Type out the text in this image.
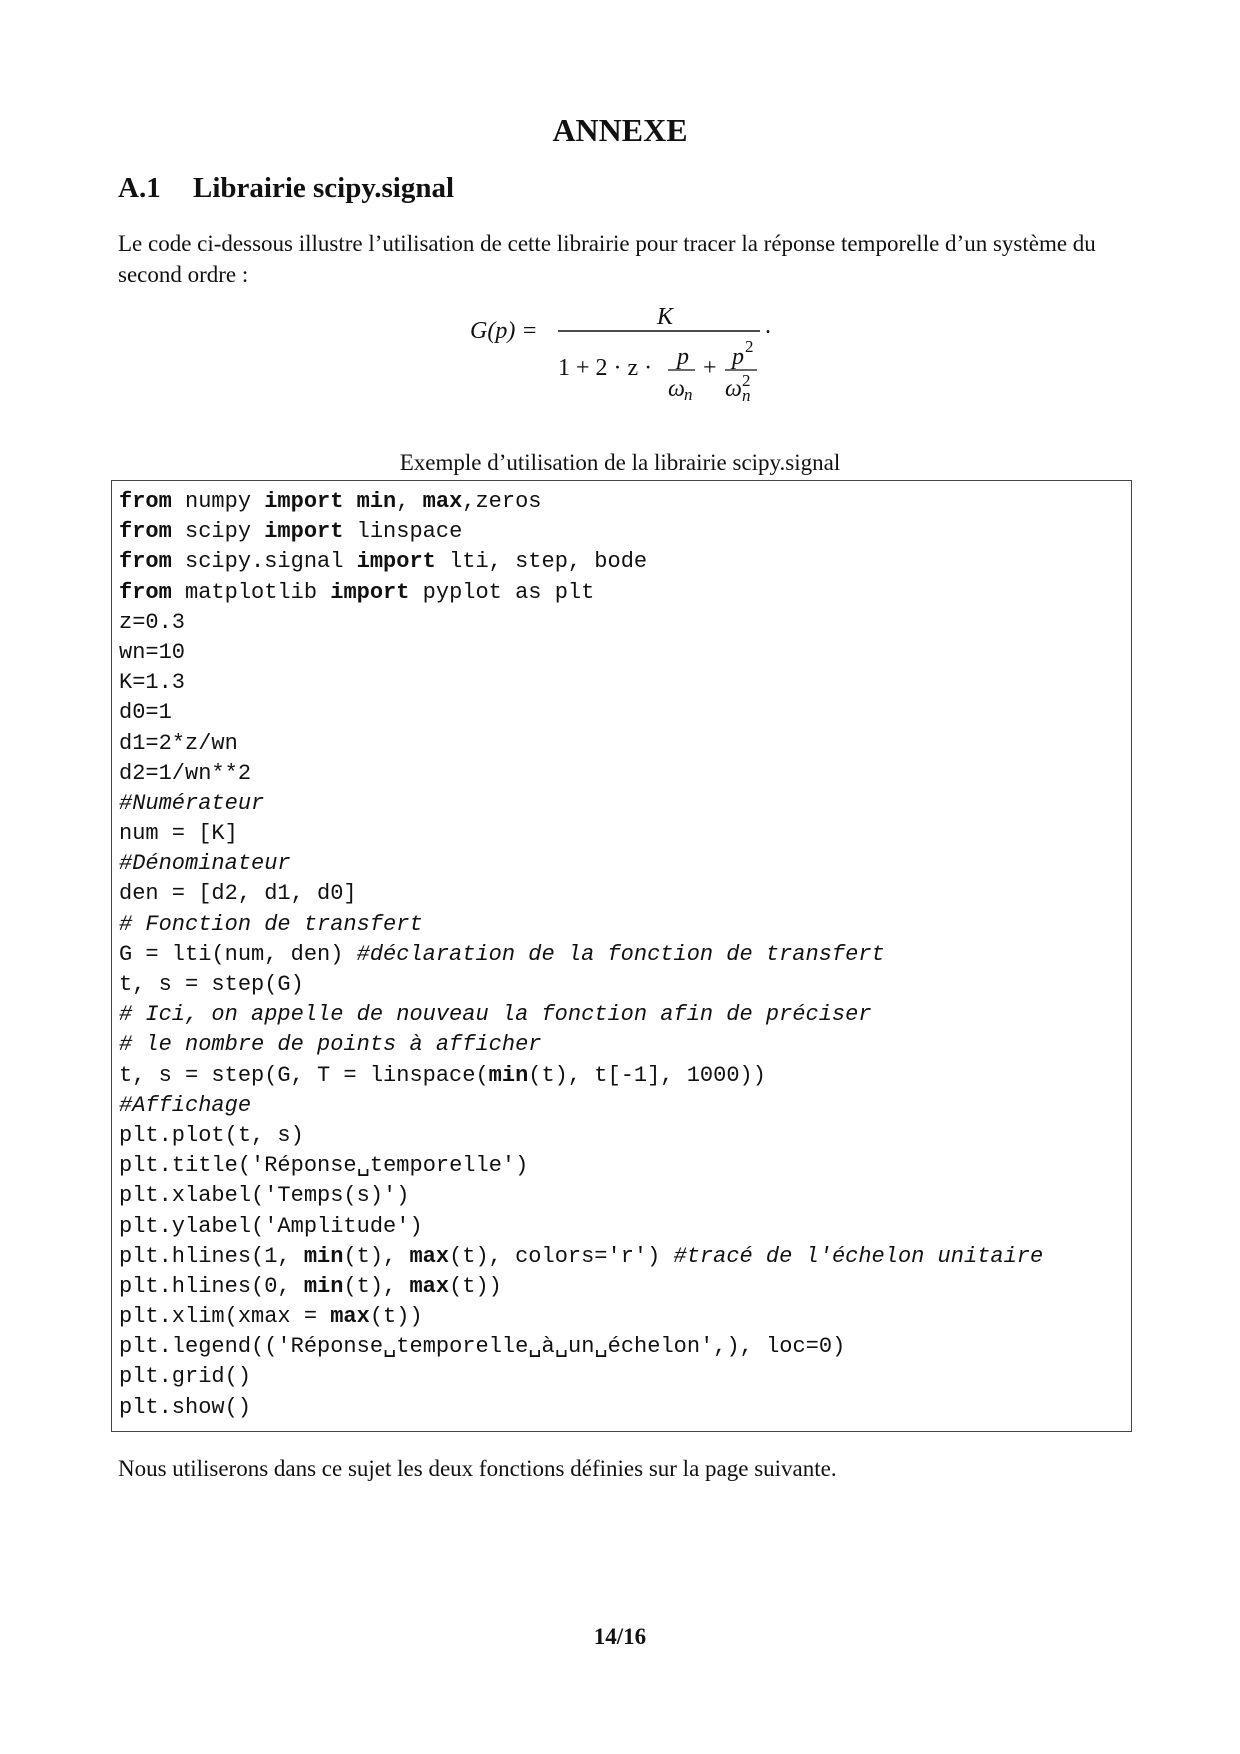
ANNEXE
A.1 Librairie scipy.signal

Le code ci-dessous illustre l’utilisation de cette librairie pour tracer la réponse temporelle d’un système du second ordre :

G(p) =
K	.
1 + 2 · z · p
ω n
+ p 2
ω 2
n

Exemple d’utilisation de la librairie scipy.signal

from numpy import min, max,zeros
from scipy import linspace
from scipy.signal import lti, step, bode
from matplotlib import pyplot as plt
z=0.3
wn=10
K=1.3
d0=1
d1=2*z/wn
d2=1/wn**2
#Numérateur
num = [K]
#Dénominateur
den = [d2, d1, d0]
# Fonction de transfert
G = lti(num, den) #déclaration de la fonction de transfert
t, s = step(G)
# Ici, on appelle de nouveau la fonction afin de préciser
# le nombre de points à afficher
t, s = step(G, T = linspace(min(t), t[-1], 1000))
#Affichage
plt.plot(t, s)
plt.title('Réponse␣temporelle')
plt.xlabel('Temps(s)')
plt.ylabel('Amplitude')
plt.hlines(1, min(t), max(t), colors='r') #tracé de l'échelon unitaire
plt.hlines(0, min(t), max(t))
plt.xlim(xmax = max(t))
plt.legend(('Réponse␣temporelle␣à␣un␣échelon',), loc=0)
plt.grid()
plt.show()

Nous utiliserons dans ce sujet les deux fonctions définies sur la page suivante.

14/16
